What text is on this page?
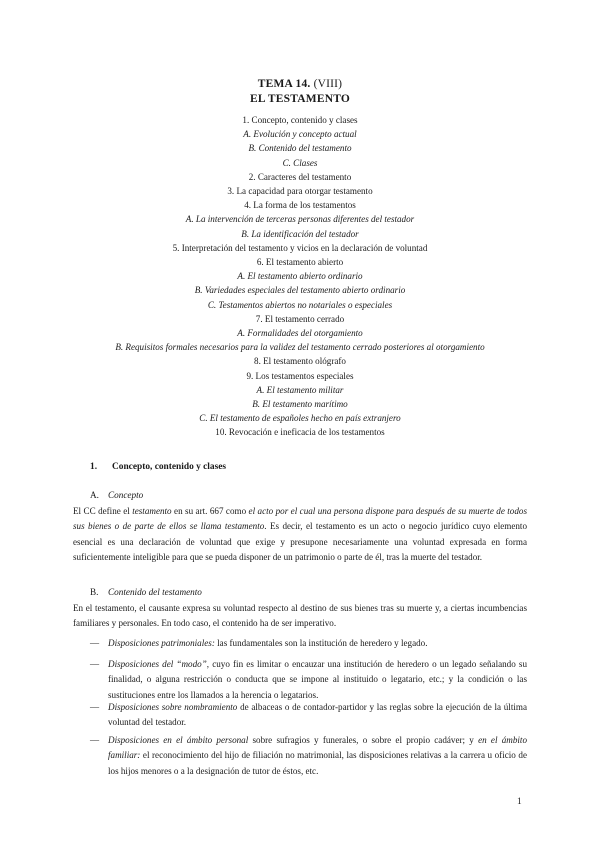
TEMA 14. (VIII)
EL TESTAMENTO
1. Concepto, contenido y clases
A. Evolución y concepto actual
B. Contenido del testamento
C. Clases
2. Caracteres del testamento
3. La capacidad para otorgar testamento
4. La forma de los testamentos
A. La intervención de terceras personas diferentes del testador
B. La identificación del testador
5. Interpretación del testamento y vicios en la declaración de voluntad
6. El testamento abierto
A. El testamento abierto ordinario
B. Variedades especiales del testamento abierto ordinario
C. Testamentos abiertos no notariales o especiales
7. El testamento cerrado
A. Formalidades del otorgamiento
B. Requisitos formales necesarios para la validez del testamento cerrado posteriores al otorgamiento
8. El testamento ológrafo
9. Los testamentos especiales
A. El testamento militar
B. El testamento marítimo
C. El testamento de españoles hecho en país extranjero
10. Revocación e ineficacia de los testamentos
1. Concepto, contenido y clases
A. Concepto
El CC define el testamento en su art. 667 como el acto por el cual una persona dispone para después de su muerte de todos sus bienes o de parte de ellos se llama testamento. Es decir, el testamento es un acto o negocio jurídico cuyo elemento esencial es una declaración de voluntad que exige y presupone necesariamente una voluntad expresada en forma suficientemente inteligible para que se pueda disponer de un patrimonio o parte de él, tras la muerte del testador.
B. Contenido del testamento
En el testamento, el causante expresa su voluntad respecto al destino de sus bienes tras su muerte y, a ciertas incumbencias familiares y personales. En todo caso, el contenido ha de ser imperativo.
— Disposiciones patrimoniales: las fundamentales son la institución de heredero y legado.
— Disposiciones del “modo”, cuyo fin es limitar o encauzar una institución de heredero o un legado señalando su finalidad, o alguna restricción o conducta que se impone al instituido o legatario, etc.; y la condición o las sustituciones entre los llamados a la herencia o legatarios.
— Disposiciones sobre nombramiento de albaceas o de contador-partidor y las reglas sobre la ejecución de la última voluntad del testador.
— Disposiciones en el ámbito personal sobre sufragios y funerales, o sobre el propio cadáver; y en el ámbito familiar: el reconocimiento del hijo de filiación no matrimonial, las disposiciones relativas a la carrera u oficio de los hijos menores o a la designación de tutor de éstos, etc.
1
